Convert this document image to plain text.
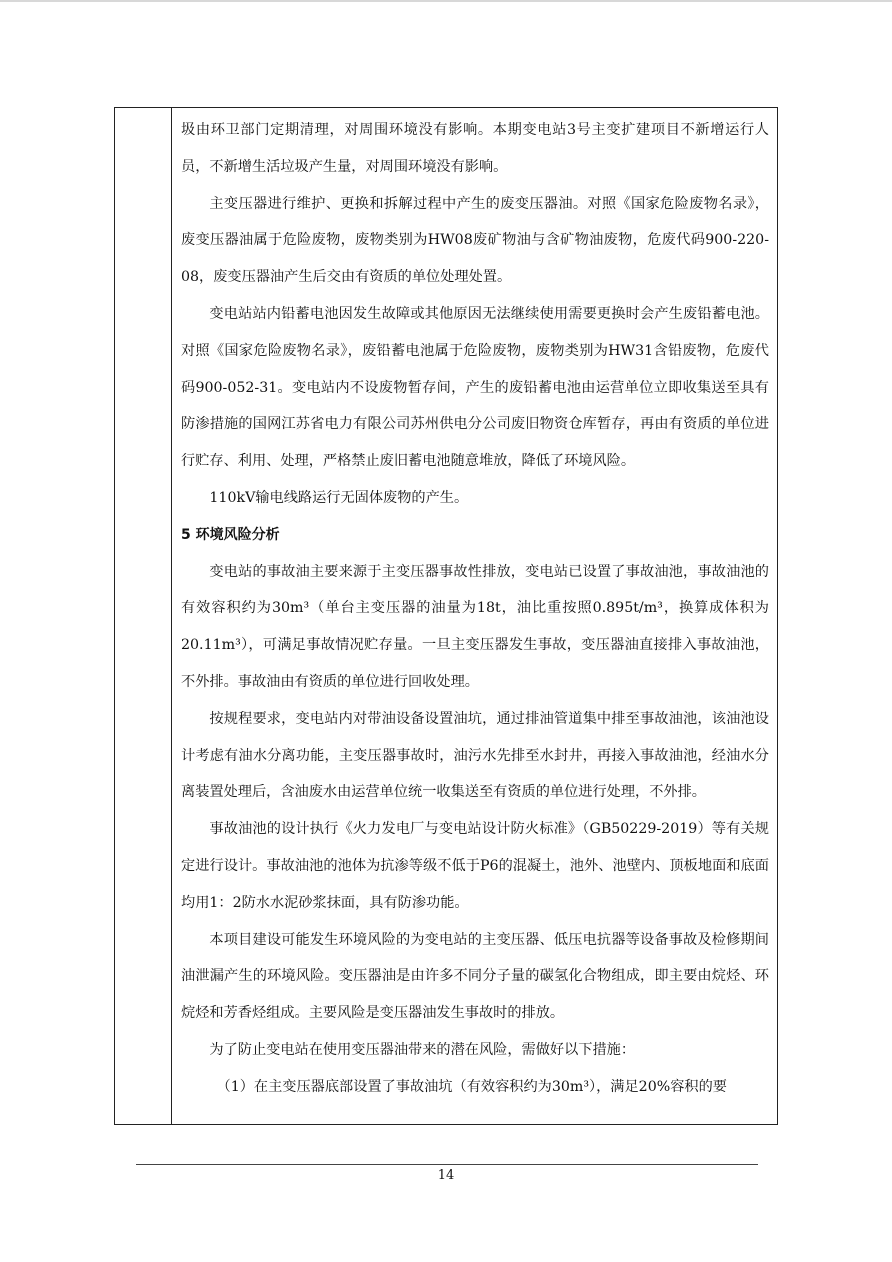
圾由环卫部门定期清理，对周围环境没有影响。本期变电站3号主变扩建项目不新增运行人员，不新增生活垃圾产生量，对周围环境没有影响。

主变压器进行维护、更换和拆解过程中产生的废变压器油。对照《国家危险废物名录》，废变压器油属于危险废物，废物类别为HW08废矿物油与含矿物油废物，危废代码900-220-08，废变压器油产生后交由有资质的单位处理处置。

变电站站内铅蓄电池因发生故障或其他原因无法继续使用需要更换时会产生废铅蓄电池。对照《国家危险废物名录》，废铅蓄电池属于危险废物，废物类别为HW31含铅废物，危废代码900-052-31。变电站内不设废物暂存间，产生的废铅蓄电池由运营单位立即收集送至具有防渗措施的国网江苏省电力有限公司苏州供电分公司废旧物资仓库暂存，再由有资质的单位进行贮存、利用、处理，严格禁止废旧蓄电池随意堆放，降低了环境风险。

110kV输电线路运行无固体废物的产生。

5 环境风险分析

变电站的事故油主要来源于主变压器事故性排放，变电站已设置了事故油池，事故油池的有效容积约为30m³（单台主变压器的油量为18t，油比重按照0.895t/m³，换算成体积为20.11m³），可满足事故情况贮存量。一旦主变压器发生事故，变压器油直接排入事故油池，不外排。事故油由有资质的单位进行回收处理。

按规程要求，变电站内对带油设备设置油坑，通过排油管道集中排至事故油池，该油池设计考虑有油水分离功能，主变压器事故时，油污水先排至水封井，再接入事故油池，经油水分离装置处理后，含油废水由运营单位统一收集送至有资质的单位进行处理，不外排。

事故油池的设计执行《火力发电厂与变电站设计防火标准》（GB50229-2019）等有关规定进行设计。事故油池的池体为抗渗等级不低于P6的混凝土，池外、池壁内、顶板地面和底面均用1：2防水水泥砂浆抹面，具有防渗功能。

本项目建设可能发生环境风险的为变电站的主变压器、低压电抗器等设备事故及检修期间油泄漏产生的环境风险。变压器油是由许多不同分子量的碳氢化合物组成，即主要由烷烃、环烷烃和芳香烃组成。主要风险是变压器油发生事故时的排放。

为了防止变电站在使用变压器油带来的潜在风险，需做好以下措施：

（1）在主变压器底部设置了事故油坑（有效容积约为30m³），满足20%容积的要

14
